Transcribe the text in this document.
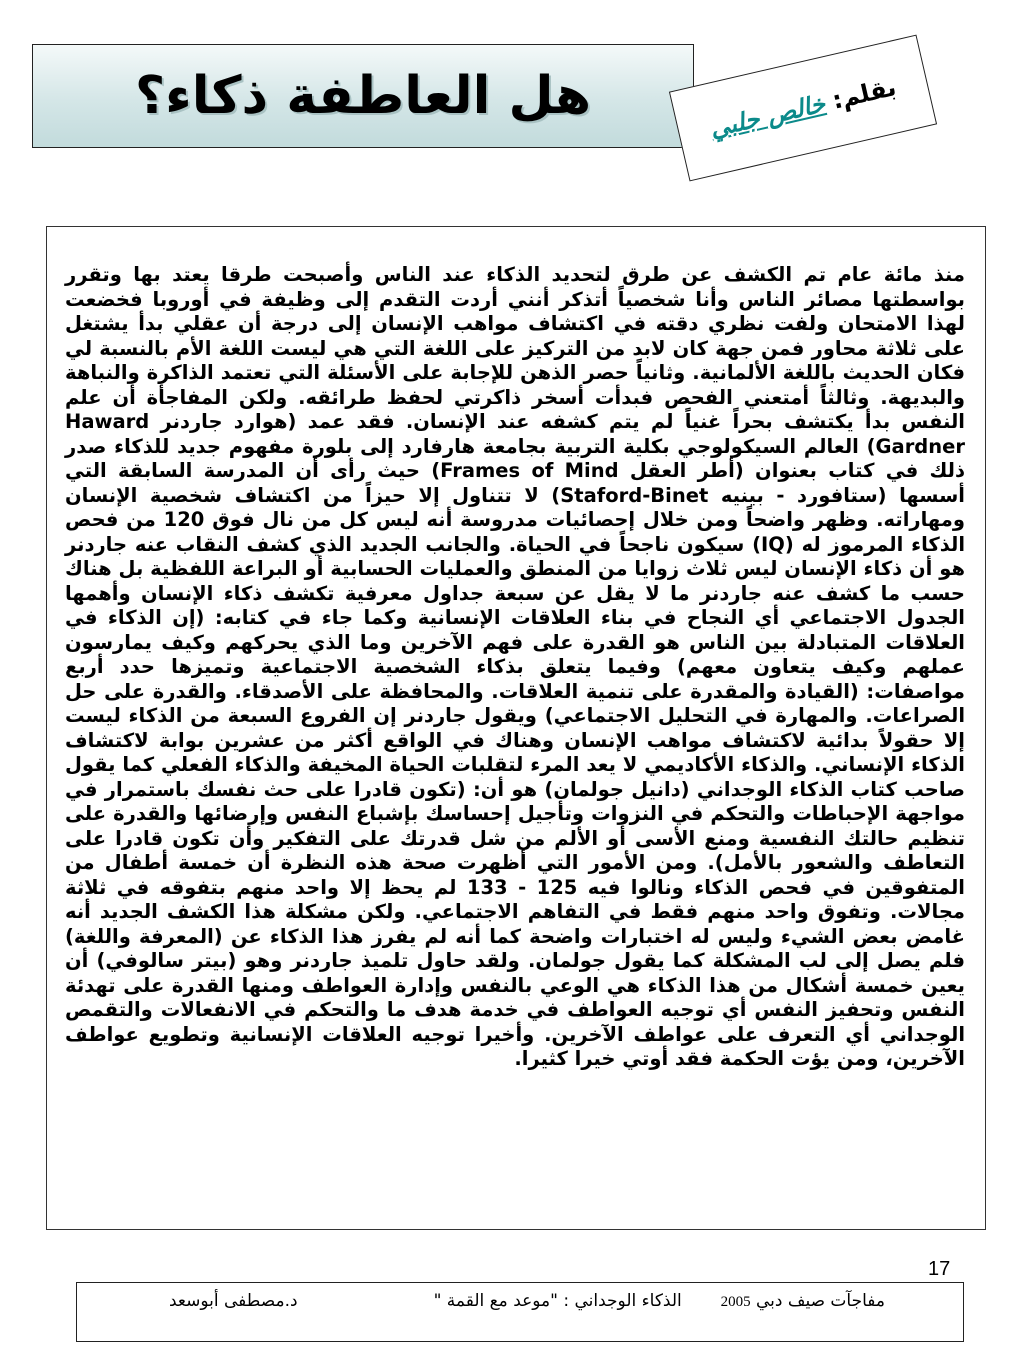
هل العاطفة ذكاء؟	بقلم:

خالص جلبي

منذ مائة عام تم الكشف عن طرق لتحديد الذكاء عند الناس وأصبحت طرقا يعتد بها وتقرر بواسطتها مصائر الناس وأنا شخصياً أتذكر أنني أردت التقدم إلى وظيفة في أوروبا فخضعت لهذا الامتحان ولفت نظري دقته في اكتشاف مواهب الإنسان إلى درجة أن عقلي بدأ يشتغل على ثلاثة محاور فمن جهة كان لابد من التركيز على اللغة التي هي ليست اللغة الأم بالنسبة لي فكان الحديث باللغة الألمانية. وثانياً حصر الذهن للإجابة على الأسئلة التي تعتمد الذاكرة والنباهة والبديهة. وثالثاً أمتعني الفحص فبدأت أسخر ذاكرتي لحفظ طرائقه. ولكن المفاجأة أن علم النفس بدأ يكتشف بحراً غنياً لم يتم كشفه عند الإنسان. فقد عمد (هوارد جاردنر Haward Gardner) العالم السيكولوجي بكلية التربية بجامعة هارفارد إلى بلورة مفهوم جديد للذكاء صدر ذلك في كتاب بعنوان (أطر العقل Frames of Mind) حيث رأى أن المدرسة السابقة التي أسسها (ستافورد - بينيه Staford-Binet) لا تتناول إلا حيزاً من اكتشاف شخصية الإنسان ومهاراته. وظهر واضحاً ومن خلال إحصائيات مدروسة أنه ليس كل من نال فوق 120 من فحص الذكاء المرموز له (IQ) سيكون ناجحاً في الحياة. والجانب الجديد الذي كشف النقاب عنه جاردنر هو أن ذكاء الإنسان ليس ثلاث زوايا من المنطق والعمليات الحسابية أو البراعة اللفظية بل هناك حسب ما كشف عنه جاردنر ما لا يقل عن سبعة جداول معرفية تكشف ذكاء الإنسان وأهمها الجدول الاجتماعي أي النجاح في بناء العلاقات الإنسانية وكما جاء في كتابه: (إن الذكاء في العلاقات المتبادلة بين الناس هو القدرة على فهم الآخرين وما الذي يحركهم وكيف يمارسون عملهم وكيف يتعاون معهم) وفيما يتعلق بذكاء الشخصية الاجتماعية وتميزها حدد أربع مواصفات: (القيادة والمقدرة على تنمية العلاقات. والمحافظة على الأصدقاء. والقدرة على حل الصراعات. والمهارة في التحليل الاجتماعي) ويقول جاردنر إن الفروع السبعة من الذكاء ليست إلا حقولاً بدائية لاكتشاف مواهب الإنسان وهناك في الواقع أكثر من عشرين بوابة لاكتشاف الذكاء الإنساني. والذكاء الأكاديمي لا يعد المرء لتقلبات الحياة المخيفة والذكاء الفعلي كما يقول صاحب كتاب الذكاء الوجداني (دانيل جولمان) هو أن: (تكون قادرا على حث نفسك باستمرار في مواجهة الإحباطات والتحكم في النزوات وتأجيل إحساسك بإشباع النفس وإرضائها والقدرة على تنظيم حالتك النفسية ومنع الأسى أو الألم من شل قدرتك على التفكير وأن تكون قادرا على التعاطف والشعور بالأمل). ومن الأمور التي أظهرت صحة هذه النظرة أن خمسة أطفال من المتفوقين في فحص الذكاء ونالوا فيه 125 - 133 لم يحظ إلا واحد منهم بتفوقه في ثلاثة مجالات. وتفوق واحد منهم فقط في التفاهم الاجتماعي. ولكن مشكلة هذا الكشف الجديد أنه غامض بعض الشيء وليس له اختبارات واضحة كما أنه لم يفرز هذا الذكاء عن (المعرفة واللغة) فلم يصل إلى لب المشكلة كما يقول جولمان. ولقد حاول تلميذ جاردنر وهو (بيتر سالوفي) أن يعين خمسة أشكال من هذا الذكاء هي الوعي بالنفس وإدارة العواطف ومنها القدرة على تهدئة النفس وتحفيز النفس أي توجيه العواطف في خدمة هدف ما والتحكم في الانفعالات والتقمص الوجداني أي التعرف على عواطف الآخرين. وأخيرا توجيه العلاقات الإنسانية وتطويع عواطف الآخرين، ومن يؤت الحكمة فقد أوتي خيرا كثيرا.

17
مفاجآت صيف دبي 2005  الذكاء الوجداني : "موعد مع القمة "
د.مصطفى أبوسعد
